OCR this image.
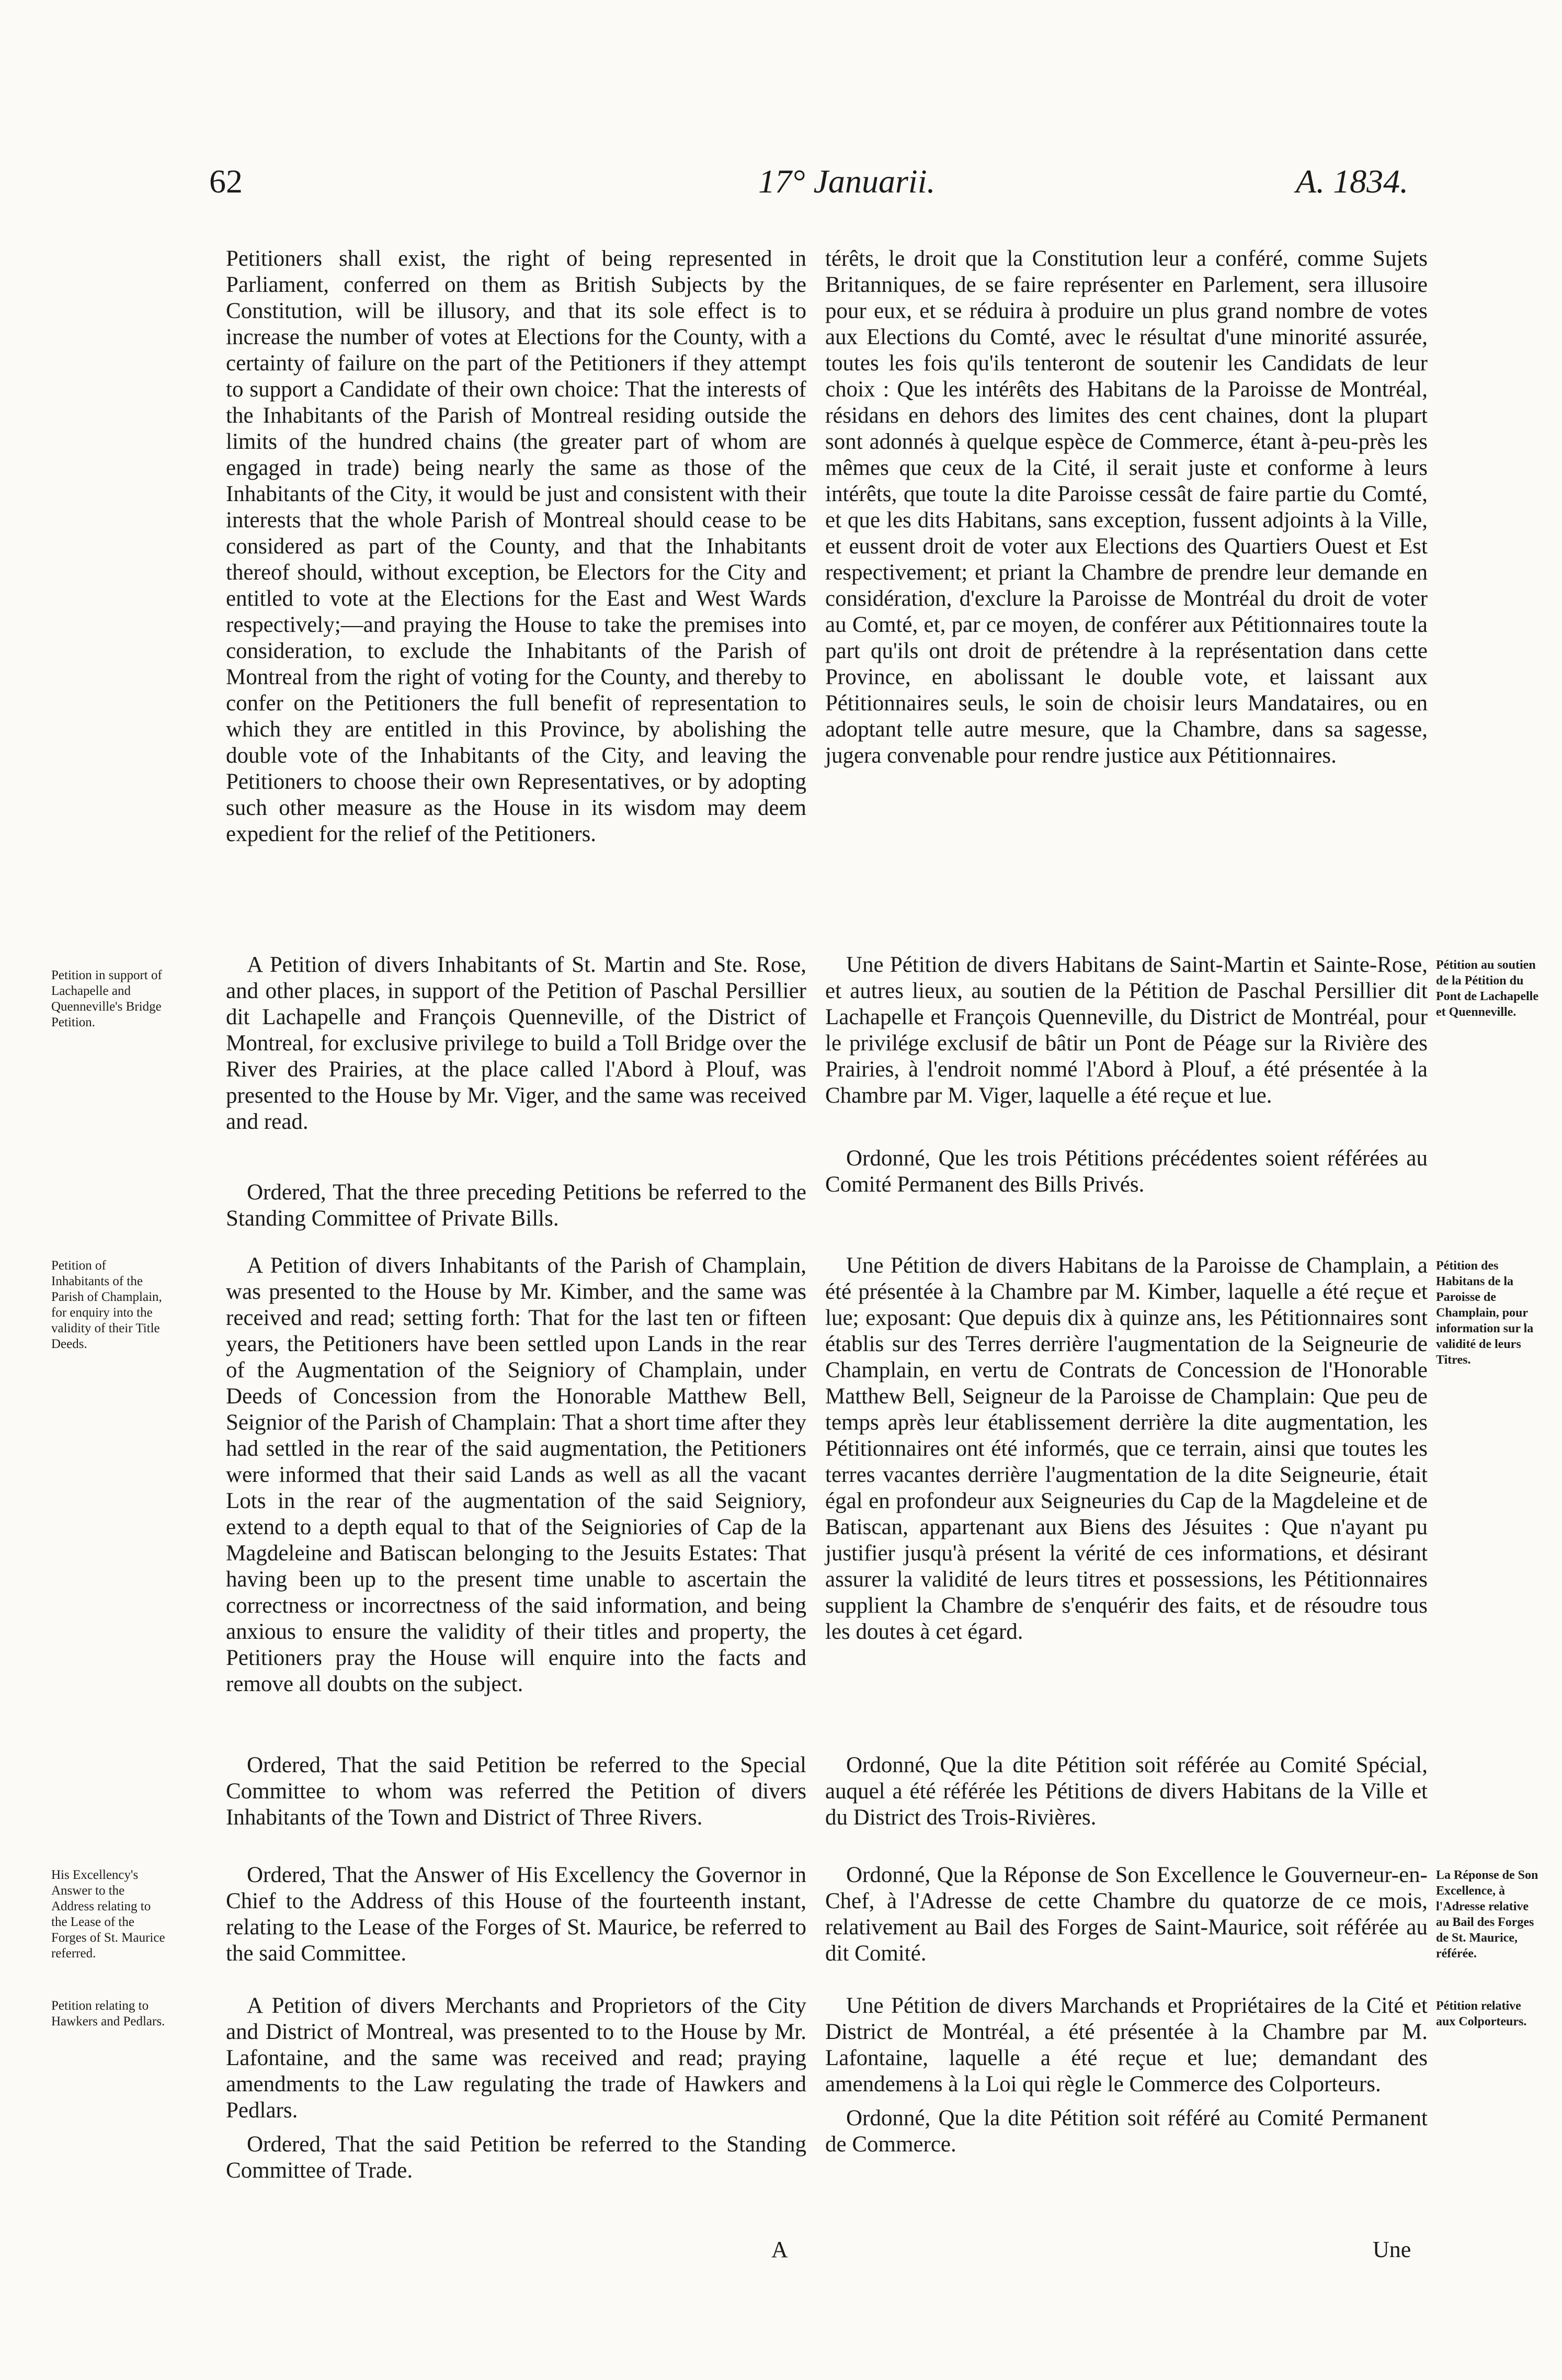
62	17° Januarii.	A. 1834.

Petitioners shall exist, the right of being represented in Parliament, conferred on them as British Subjects by the Constitution, will be illusory, and that its sole effect is to increase the number of votes at Elections for the County, with a certainty of failure on the part of the Petitioners if they attempt to support a Candidate of their own choice: That the interests of the Inhabitants of the Parish of Montreal residing outside the limits of the hundred chains (the greater part of whom are engaged in trade) being nearly the same as those of the Inhabitants of the City, it would be just and consistent with their interests that the whole Parish of Montreal should cease to be considered as part of the County, and that the Inhabitants thereof should, without exception, be Electors for the City and entitled to vote at the Elections for the East and West Wards respectively;—and praying the House to take the premises into consideration, to exclude the Inhabitants of the Parish of Montreal from the right of voting for the County, and thereby to confer on the Petitioners the full benefit of representation to which they are entitled in this Province, by abolishing the double vote of the Inhabitants of the City, and leaving the Petitioners to choose their own Representatives, or by adopting such other measure as the House in its wisdom may deem expedient for the relief of the Petitioners.

A Petition of divers Inhabitants of St. Martin and Ste. Rose, and other places, in support of the Petition of Paschal Persillier dit Lachapelle and François Quenneville, of the District of Montreal, for exclusive privilege to build a Toll Bridge over the River des Prairies, at the place called l'Abord à Plouf, was presented to the House by Mr. Viger, and the same was received and read.

Ordered, That the three preceding Petitions be referred to the Standing Committee of Private Bills.

A Petition of divers Inhabitants of the Parish of Champlain, was presented to the House by Mr. Kimber, and the same was received and read; setting forth: That for the last ten or fifteen years, the Petitioners have been settled upon Lands in the rear of the Augmentation of the Seigniory of Champlain, under Deeds of Concession from the Honorable Matthew Bell, Seignior of the Parish of Champlain: That a short time after they had settled in the rear of the said augmentation, the Petitioners were informed that their said Lands as well as all the vacant Lots in the rear of the augmentation of the said Seigniory, extend to a depth equal to that of the Seigniories of Cap de la Magdeleine and Batiscan belonging to the Jesuits Estates: That having been up to the present time unable to ascertain the correctness or incorrectness of the said information, and being anxious to ensure the validity of their titles and property, the Petitioners pray the House will enquire into the facts and remove all doubts on the subject.

Ordered, That the said Petition be referred to the Special Committee to whom was referred the Petition of divers Inhabitants of the Town and District of Three Rivers.

Ordered, That the Answer of His Excellency the Governor in Chief to the Address of this House of the fourteenth instant, relating to the Lease of the Forges of St. Maurice, be referred to the said Committee.

A Petition of divers Merchants and Proprietors of the City and District of Montreal, was presented to to the House by Mr. Lafontaine, and the same was received and read; praying amendments to the Law regulating the trade of Hawkers and Pedlars.

Ordered, That the said Petition be referred to the Standing Committee of Trade.

térêts, le droit que la Constitution leur a conféré, comme Sujets Britanniques, de se faire représenter en Parlement, sera illusoire pour eux, et se réduira à produire un plus grand nombre de votes aux Elections du Comté, avec le résultat d'une minorité assurée, toutes les fois qu'ils tenteront de soutenir les Candidats de leur choix : Que les intérêts des Habitans de la Paroisse de Montréal, résidans en dehors des limites des cent chaines, dont la plupart sont adonnés à quelque espèce de Commerce, étant à-peu-près les mêmes que ceux de la Cité, il serait juste et conforme à leurs intérêts, que toute la dite Paroisse cessât de faire partie du Comté, et que les dits Habitans, sans exception, fussent adjoints à la Ville, et eussent droit de voter aux Elections des Quartiers Ouest et Est respectivement; et priant la Chambre de prendre leur demande en considération, d'exclure la Paroisse de Montréal du droit de voter au Comté, et, par ce moyen, de conférer aux Pétitionnaires toute la part qu'ils ont droit de prétendre à la représentation dans cette Province, en abolissant le double vote, et laissant aux Pétitionnaires seuls, le soin de choisir leurs Mandataires, ou en adoptant telle autre mesure, que la Chambre, dans sa sagesse, jugera convenable pour rendre justice aux Pétitionnaires.

Une Pétition de divers Habitans de Saint-Martin et Sainte-Rose, et autres lieux, au soutien de la Pétition de Paschal Persillier dit Lachapelle et François Quenneville, du District de Montréal, pour le privilége exclusif de bâtir un Pont de Péage sur la Rivière des Prairies, à l'endroit nommé l'Abord à Plouf, a été présentée à la Chambre par M. Viger, laquelle a été reçue et lue.

Ordonné, Que les trois Pétitions précédentes soient référées au Comité Permanent des Bills Privés.

Une Pétition de divers Habitans de la Paroisse de Champlain, a été présentée à la Chambre par M. Kimber, laquelle a été reçue et lue; exposant: Que depuis dix à quinze ans, les Pétitionnaires sont établis sur des Terres derrière l'augmentation de la Seigneurie de Champlain, en vertu de Contrats de Concession de l'Honorable Matthew Bell, Seigneur de la Paroisse de Champlain: Que peu de temps après leur établissement derrière la dite augmentation, les Pétitionnaires ont été informés, que ce terrain, ainsi que toutes les terres vacantes derrière l'augmentation de la dite Seigneurie, était égal en profondeur aux Seigneuries du Cap de la Magdeleine et de Batiscan, appartenant aux Biens des Jésuites : Que n'ayant pu justifier jusqu'à présent la vérité de ces informations, et désirant assurer la validité de leurs titres et possessions, les Pétitionnaires supplient la Chambre de s'enquérir des faits, et de résoudre tous les doutes à cet égard.

Ordonné, Que la dite Pétition soit référée au Comité Spécial, auquel a été référée les Pétitions de divers Habitans de la Ville et du District des Trois-Rivières.

Ordonné, Que la Réponse de Son Excellence le Gouverneur-en-Chef, à l'Adresse de cette Chambre du quatorze de ce mois, relativement au Bail des Forges de Saint-Maurice, soit référée au dit Comité.

Une Pétition de divers Marchands et Propriétaires de la Cité et District de Montréal, a été présentée à la Chambre par M. Lafontaine, laquelle a été reçue et lue; demandant des amendemens à la Loi qui règle le Commerce des Colporteurs.

Ordonné, Que la dite Pétition soit référé au Comité Permanent de Commerce.

Petition in support of Lachapelle and Quenneville's Bridge Petition.
Petition of Inhabitants of the Parish of Champlain, for enquiry into the validity of their Title Deeds.
His Excellency's Answer to the Address relating to the Lease of the Forges of St. Maurice referred.
Petition relating to Hawkers and Pedlars.
Pétition au soutien de la Pétition du Pont de Lachapelle et Quenneville.
Pétition des Habitans de la Paroisse de Champlain, pour information sur la validité de leurs Titres.
La Réponse de Son Excellence, à l'Adresse relative au Bail des Forges de St. Maurice, référée.
Pétition relative aux Colporteurs.
A	Une
